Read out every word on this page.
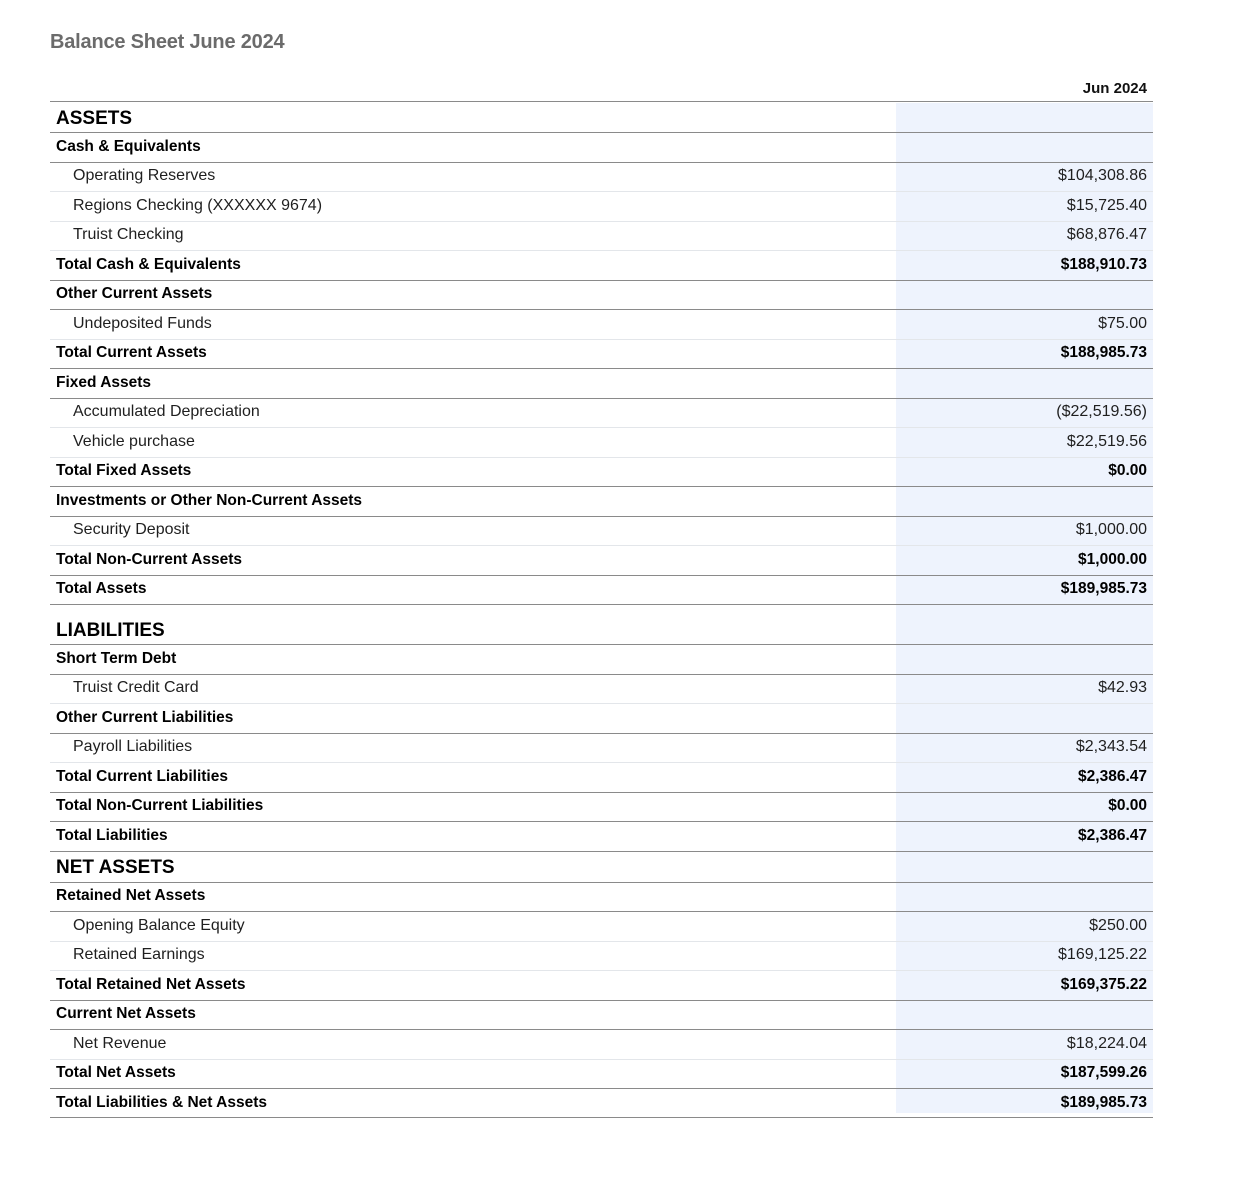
Balance Sheet June 2024
Jun 2024
ASSETS
Cash & Equivalents
Operating Reserves	$104,308.86
Regions Checking (XXXXXX 9674)	$15,725.40
Truist Checking	$68,876.47
Total Cash & Equivalents	$188,910.73
Other Current Assets
Undeposited Funds	$75.00
Total Current Assets	$188,985.73
Fixed Assets
Accumulated Depreciation	($22,519.56)
Vehicle purchase	$22,519.56
Total Fixed Assets	$0.00
Investments or Other Non-Current Assets
Security Deposit	$1,000.00
Total Non-Current Assets	$1,000.00
Total Assets	$189,985.73
LIABILITIES
Short Term Debt
Truist Credit Card	$42.93
Other Current Liabilities
Payroll Liabilities	$2,343.54
Total Current Liabilities	$2,386.47
Total Non-Current Liabilities	$0.00
Total Liabilities	$2,386.47
NET ASSETS
Retained Net Assets
Opening Balance Equity	$250.00
Retained Earnings	$169,125.22
Total Retained Net Assets	$169,375.22
Current Net Assets
Net Revenue	$18,224.04
Total Net Assets	$187,599.26
Total Liabilities & Net Assets	$189,985.73
